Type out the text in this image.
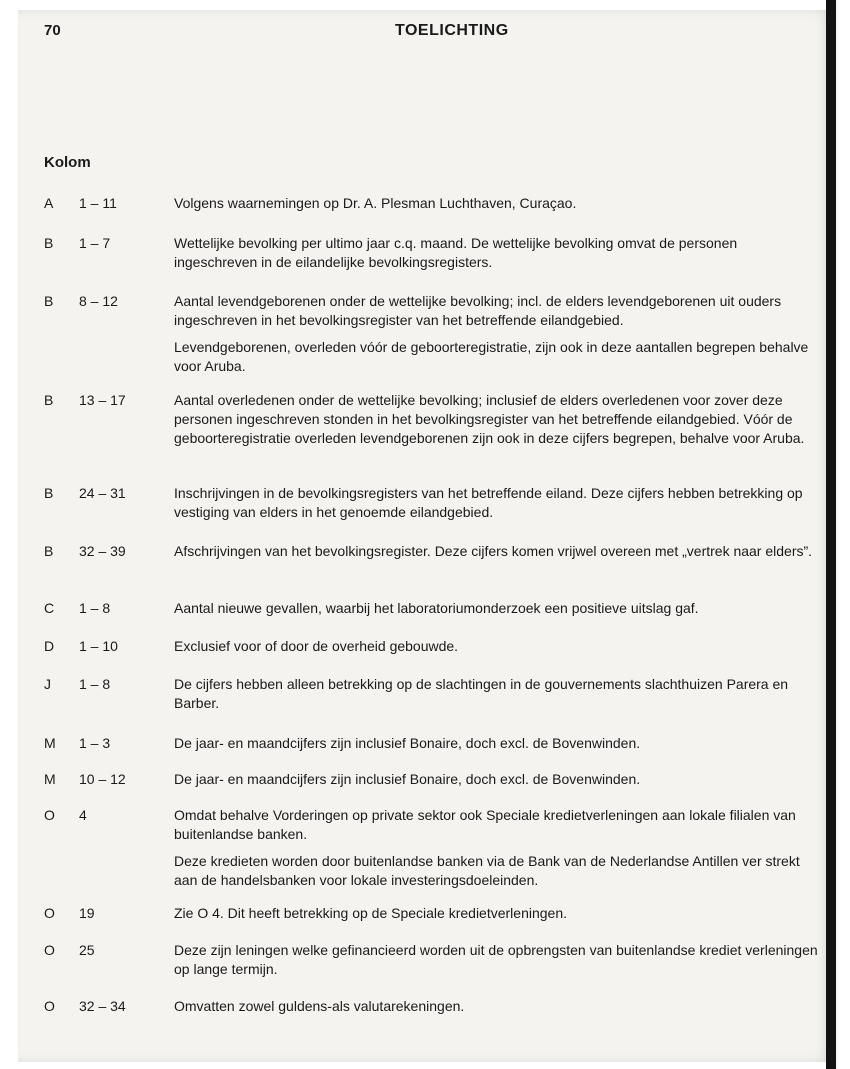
70	TOELICHTING
Kolom
A 1 – 11	Volgens waarnemingen op Dr. A. Plesman Luchthaven, Curaçao.

B 1 – 7	Wettelijke bevolking per ultimo jaar c.q. maand. De wettelijke bevolking omvat de personen ingeschreven in de eilandelijke bevolkingsregisters.

B 8 – 12	Aantal levendgeborenen onder de wettelijke bevolking; incl. de elders levendgeborenen uit ouders ingeschreven in het bevolkingsregister van het betreffende eilandgebied.

Levendgeborenen, overleden vóór de geboorteregistratie, zijn ook in deze aantallen begrepen behalve voor Aruba.

B 13 – 17	Aantal overledenen onder de wettelijke bevolking; inclusief de elders overledenen voor zover deze personen ingeschreven stonden in het bevolkingsregister van het betreffende eilandgebied. Vóór de geboorteregistratie overleden levendgeborenen zijn ook in deze cijfers begrepen, behalve voor Aruba.

B 24 – 31	Inschrijvingen in de bevolkingsregisters van het betreffende eiland. Deze cijfers hebben betrekking op vestiging van elders in het genoemde eilandgebied.

B 32 – 39	Afschrijvingen van het bevolkingsregister. Deze cijfers komen vrijwel overeen met „vertrek naar elders”.

C 1 – 8	Aantal nieuwe gevallen, waarbij het laboratoriumonderzoek een positieve uitslag gaf.

D 1 – 10	Exclusief voor of door de overheid gebouwde.

J 1 – 8	De cijfers hebben alleen betrekking op de slachtingen in de gouvernements slachthuizen Parera en Barber.

M 1 – 3	De jaar- en maandcijfers zijn inclusief Bonaire, doch excl. de Bovenwinden.

M 10 – 12	De jaar- en maandcijfers zijn inclusief Bonaire, doch excl. de Bovenwinden.

O 4	Omdat behalve Vorderingen op private sektor ook Speciale kredietverleningen aan lokale filialen van buitenlandse banken.

Deze kredieten worden door buitenlandse banken via de Bank van de Nederlandse Antillen ver strekt aan de handelsbanken voor lokale investeringsdoeleinden.

O 19	Zie O 4. Dit heeft betrekking op de Speciale kredietverleningen.

O 25	Deze zijn leningen welke gefinancieerd worden uit de opbrengsten van buitenlandse krediet verleningen op lange termijn.

O 32 – 34	Omvatten zowel guldens-als valutarekeningen.
